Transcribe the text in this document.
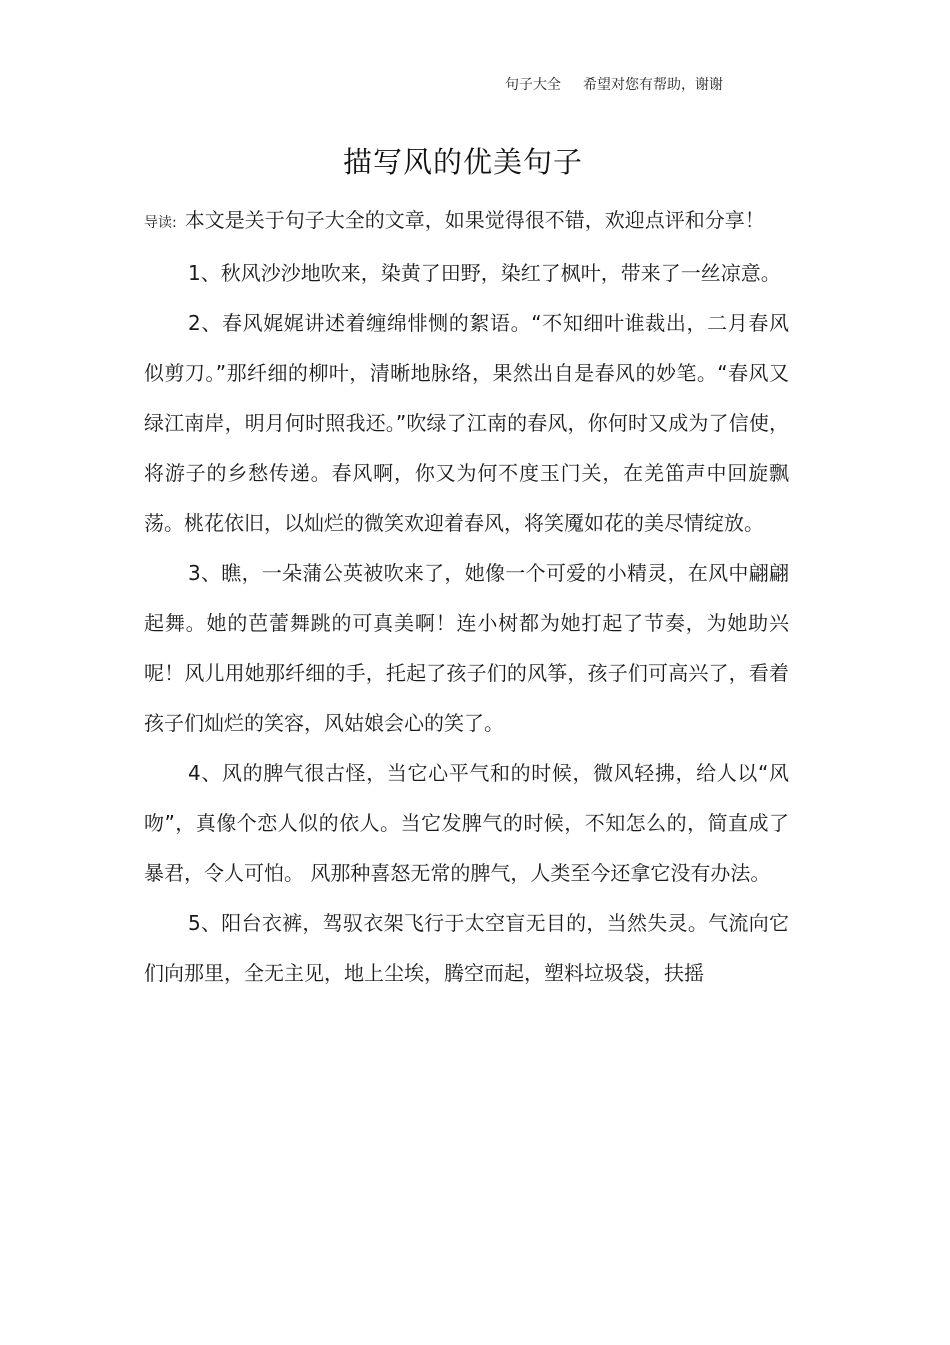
句子大全 希望对您有帮助，谢谢
描写风的优美句子

导读: 本文是关于句子大全的文章，如果觉得很不错，欢迎点评和分享！

1、秋风沙沙地吹来，染黄了田野，染红了枫叶，带来了一丝凉意。

2、春风娓娓讲述着缠绵悱恻的絮语。“不知细叶谁裁出，二月春风似剪刀。”那纤细的柳叶，清晰地脉络，果然出自是春风的妙笔。“春风又绿江南岸，明月何时照我还。”吹绿了江南的春风，你何时又成为了信使，将游子的乡愁传递。春风啊，你又为何不度玉门关，在羌笛声中回旋飘荡。桃花依旧，以灿烂的微笑欢迎着春风，将笑魇如花的美尽情绽放。

3、瞧，一朵蒲公英被吹来了，她像一个可爱的小精灵，在风中翩翩起舞。她的芭蕾舞跳的可真美啊！连小树都为她打起了节奏，为她助兴呢！风儿用她那纤细的手，托起了孩子们的风筝，孩子们可高兴了，看着孩子们灿烂的笑容，风姑娘会心的笑了。

4、风的脾气很古怪，当它心平气和的时候，微风轻拂，给人以“风吻”，真像个恋人似的依人。当它发脾气的时候，不知怎么的，简直成了暴君，令人可怕。 风那种喜怒无常的脾气，人类至今还拿它没有办法。

5、阳台衣裤，驾驭衣架飞行于太空盲无目的，当然失灵。气流向它们向那里，全无主见，地上尘埃，腾空而起，塑料垃圾袋，扶摇
